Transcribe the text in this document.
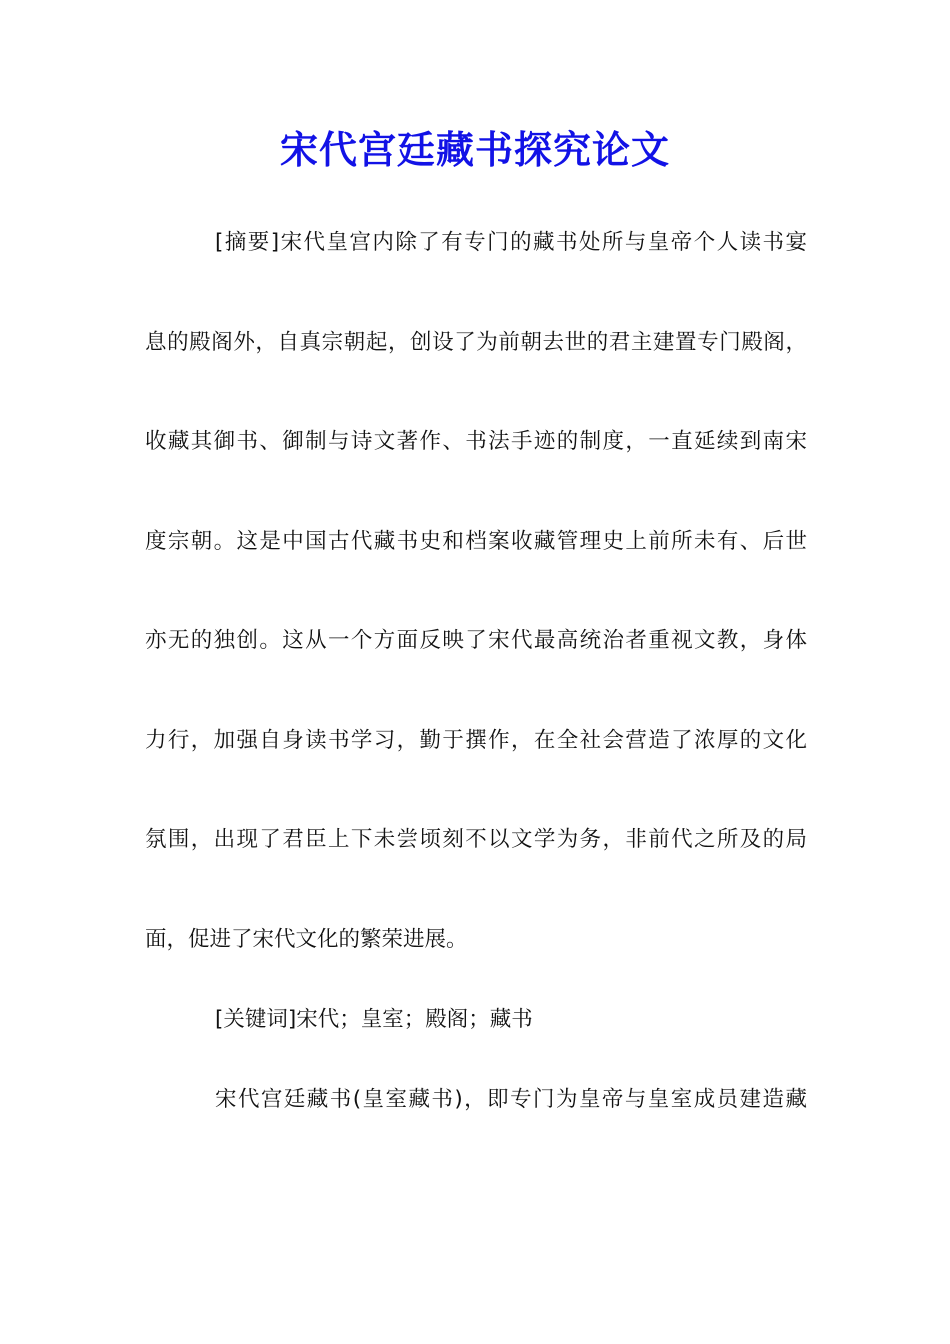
宋代宫廷藏书探究论文
[摘要]宋代皇宫内除了有专门的藏书处所与皇帝个人读书宴
息的殿阁外，自真宗朝起，创设了为前朝去世的君主建置专门殿阁，
收藏其御书、御制与诗文著作、书法手迹的制度，一直延续到南宋
度宗朝。这是中国古代藏书史和档案收藏管理史上前所未有、后世
亦无的独创。这从一个方面反映了宋代最高统治者重视文教，身体
力行，加强自身读书学习，勤于撰作，在全社会营造了浓厚的文化
氛围，出现了君臣上下未尝顷刻不以文学为务，非前代之所及的局
面，促进了宋代文化的繁荣进展。
[关键词]宋代；皇室；殿阁；藏书
宋代宫廷藏书(皇室藏书)，即专门为皇帝与皇室成员建造藏
